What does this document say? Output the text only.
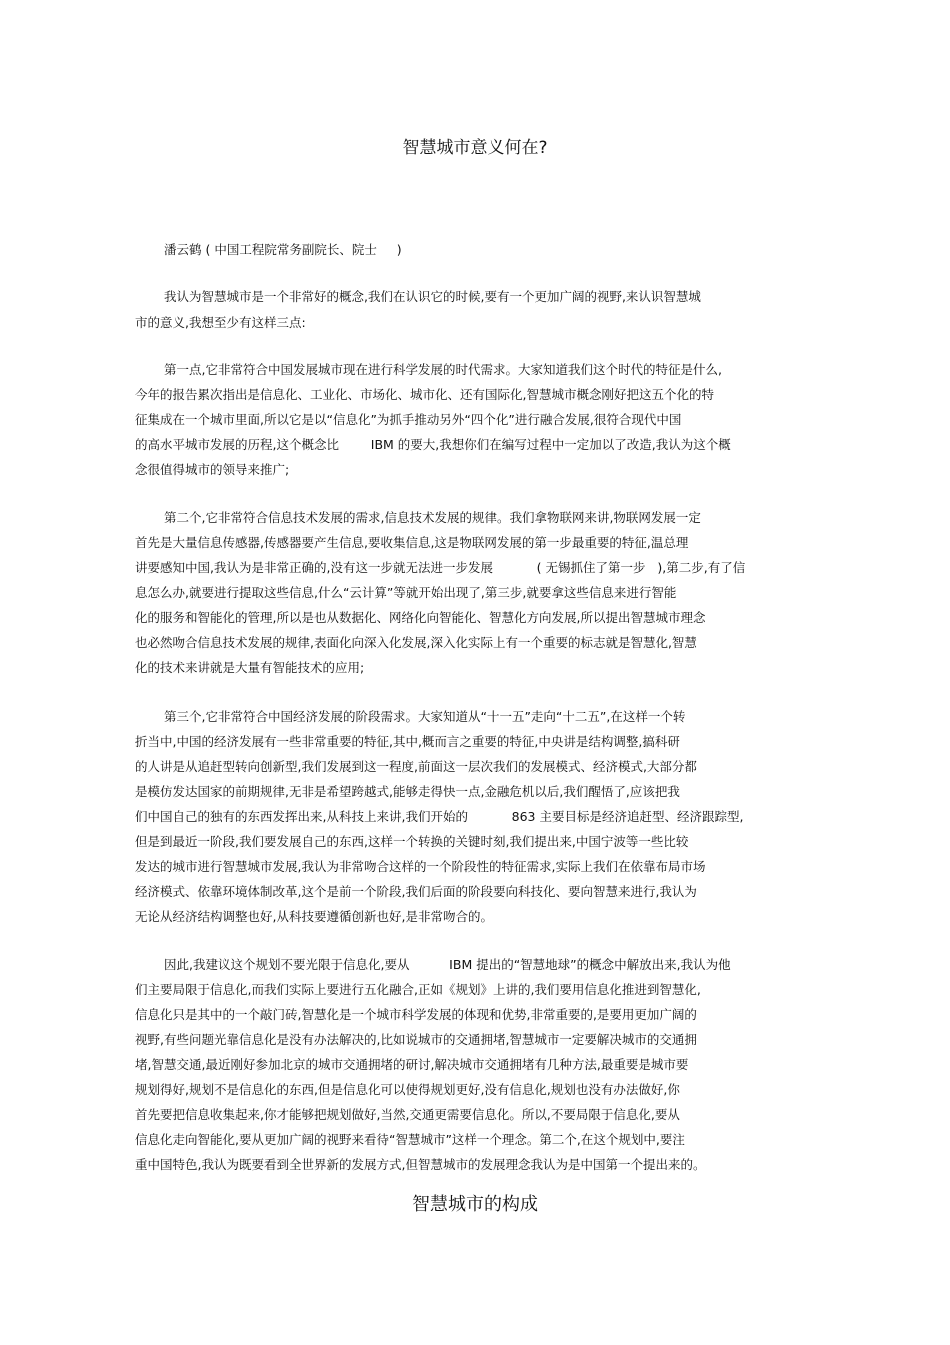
智慧城市意义何在?
潘云鹤 ( 中国工程院常务副院长、院士     )
我认为智慧城市是一个非常好的概念,我们在认识它的时候,要有一个更加广阔的视野,来认识智慧城
市的意义,我想至少有这样三点:
第一点,它非常符合中国发展城市现在进行科学发展的时代需求。大家知道我们这个时代的特征是什么,
今年的报告累次指出是信息化、工业化、市场化、城市化、还有国际化,智慧城市概念刚好把这五个化的特
征集成在一个城市里面,所以它是以“信息化”为抓手推动另外“四个化”进行融合发展,很符合现代中国
的高水平城市发展的历程,这个概念比        IBM 的要大,我想你们在编写过程中一定加以了改造,我认为这个概
念很值得城市的领导来推广;
第二个,它非常符合信息技术发展的需求,信息技术发展的规律。我们拿物联网来讲,物联网发展一定
首先是大量信息传感器,传感器要产生信息,要收集信息,这是物联网发展的第一步最重要的特征,温总理
讲要感知中国,我认为是非常正确的,没有这一步就无法进一步发展           ( 无锡抓住了第一步   ),第二步,有了信
息怎么办,就要进行提取这些信息,什么“云计算”等就开始出现了,第三步,就要拿这些信息来进行智能
化的服务和智能化的管理,所以是也从数据化、网络化向智能化、智慧化方向发展,所以提出智慧城市理念
也必然吻合信息技术发展的规律,表面化向深入化发展,深入化实际上有一个重要的标志就是智慧化,智慧
化的技术来讲就是大量有智能技术的应用;
第三个,它非常符合中国经济发展的阶段需求。大家知道从“十一五”走向“十二五”,在这样一个转
折当中,中国的经济发展有一些非常重要的特征,其中,概而言之重要的特征,中央讲是结构调整,搞科研
的人讲是从追赶型转向创新型,我们发展到这一程度,前面这一层次我们的发展模式、经济模式,大部分都
是模仿发达国家的前期规律,无非是希望跨越式,能够走得快一点,金融危机以后,我们醒悟了,应该把我
们中国自己的独有的东西发挥出来,从科技上来讲,我们开始的           863 主要目标是经济追赶型、经济跟踪型,
但是到最近一阶段,我们要发展自己的东西,这样一个转换的关键时刻,我们提出来,中国宁波等一些比较
发达的城市进行智慧城市发展,我认为非常吻合这样的一个阶段性的特征需求,实际上我们在依靠布局市场
经济模式、依靠环境体制改革,这个是前一个阶段,我们后面的阶段要向科技化、要向智慧来进行,我认为
无论从经济结构调整也好,从科技要遵循创新也好,是非常吻合的。
因此,我建议这个规划不要光限于信息化,要从          IBM 提出的“智慧地球”的概念中解放出来,我认为他
们主要局限于信息化,而我们实际上要进行五化融合,正如《规划》上讲的,我们要用信息化推进到智慧化,
信息化只是其中的一个敲门砖,智慧化是一个城市科学发展的体现和优势,非常重要的,是要用更加广阔的
视野,有些问题光靠信息化是没有办法解决的,比如说城市的交通拥堵,智慧城市一定要解决城市的交通拥
堵,智慧交通,最近刚好参加北京的城市交通拥堵的研讨,解决城市交通拥堵有几种方法,最重要是城市要
规划得好,规划不是信息化的东西,但是信息化可以使得规划更好,没有信息化,规划也没有办法做好,你
首先要把信息收集起来,你才能够把规划做好,当然,交通更需要信息化。所以,不要局限于信息化,要从
信息化走向智能化,要从更加广阔的视野来看待“智慧城市”这样一个理念。第二个,在这个规划中,要注
重中国特色,我认为既要看到全世界新的发展方式,但智慧城市的发展理念我认为是中国第一个提出来的。
智慧城市的构成
